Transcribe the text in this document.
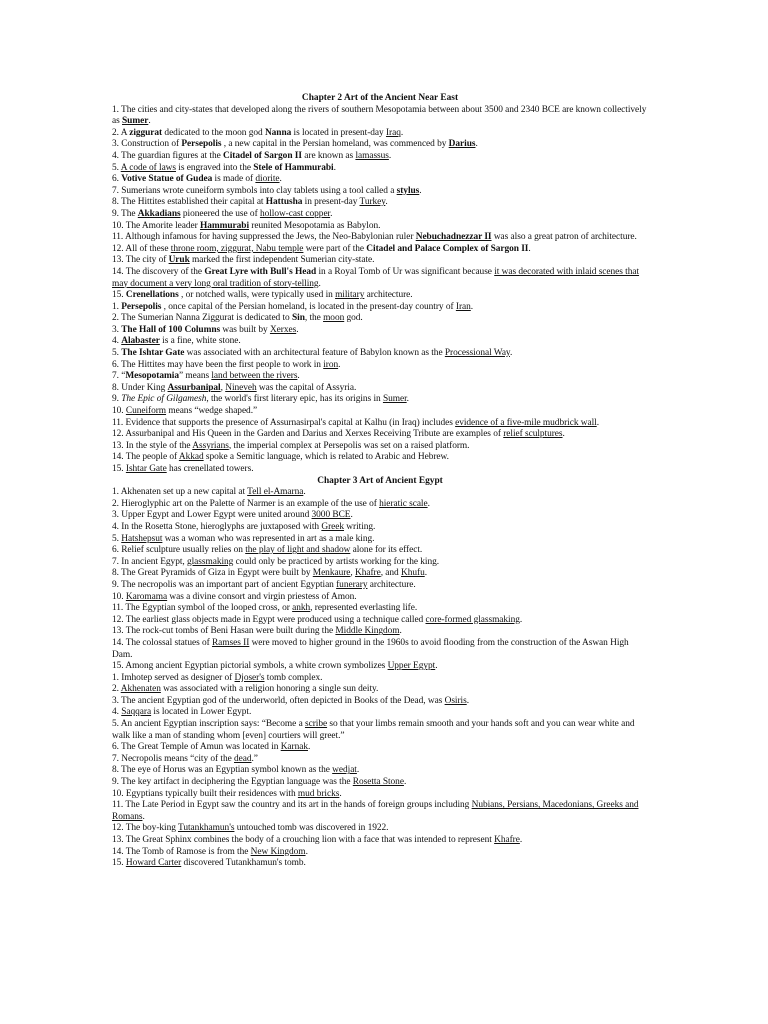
Chapter 2 Art of the Ancient Near East

1. The cities and city-states that developed along the rivers of southern Mesopotamia between about 3500 and 2340 BCE are known collectively as Sumer.

2. A ziggurat dedicated to the moon god Nanna is located in present-day Iraq.

3. Construction of Persepolis , a new capital in the Persian homeland, was commenced by Darius.

4. The guardian figures at the Citadel of Sargon II are known as lamassus.

5. A code of laws is engraved into the Stele of Hammurabi.

6. Votive Statue of Gudea is made of diorite.

7. Sumerians wrote cuneiform symbols into clay tablets using a tool called a stylus.

8. The Hittites established their capital at Hattusha in present-day Turkey.

9. The Akkadians pioneered the use of hollow-cast copper.

10. The Amorite leader Hammurabi reunited Mesopotamia as Babylon.

11. Although infamous for having suppressed the Jews, the Neo-Babylonian ruler Nebuchadnezzar II was also a great patron of architecture.

12. All of these throne room, ziggurat, Nabu temple were part of the Citadel and Palace Complex of Sargon II.

13. The city of Uruk marked the first independent Sumerian city-state.

14. The discovery of the Great Lyre with Bull's Head in a Royal Tomb of Ur was significant because it was decorated with inlaid scenes that may document a very long oral tradition of story-telling.

15. Crenellations , or notched walls, were typically used in military architecture.

1. Persepolis , once capital of the Persian homeland, is located in the present-day country of Iran.

2. The Sumerian Nanna Ziggurat is dedicated to Sin, the moon god.

3. The Hall of 100 Columns was built by Xerxes.

4. Alabaster is a fine, white stone.

5. The Ishtar Gate was associated with an architectural feature of Babylon known as the Processional Way.

6. The Hittites may have been the first people to work in iron.

7. “Mesopotamia” means land between the rivers.

8. Under King Assurbanipal, Nineveh was the capital of Assyria.

9. The Epic of Gilgamesh, the world's first literary epic, has its origins in Sumer.

10. Cuneiform means “wedge shaped.”

11. Evidence that supports the presence of Assurnasirpal's capital at Kalhu (in Iraq) includes evidence of a five-mile mudbrick wall.

12. Assurbanipal and His Queen in the Garden and Darius and Xerxes Receiving Tribute are examples of relief sculptures.

13. In the style of the Assyrians, the imperial complex at Persepolis was set on a raised platform.

14. The people of Akkad spoke a Semitic language, which is related to Arabic and Hebrew.

15. Ishtar Gate has crenellated towers.

Chapter 3 Art of Ancient Egypt

1. Akhenaten set up a new capital at Tell el-Amarna.

2. Hieroglyphic art on the Palette of Narmer is an example of the use of hieratic scale.

3. Upper Egypt and Lower Egypt were united around 3000 BCE.

4. In the Rosetta Stone, hieroglyphs are juxtaposed with Greek writing.

5. Hatshepsut was a woman who was represented in art as a male king.

6. Relief sculpture usually relies on the play of light and shadow alone for its effect.

7. In ancient Egypt, glassmaking could only be practiced by artists working for the king.

8. The Great Pyramids of Giza in Egypt were built by Menkaure, Khafre, and Khufu.

9. The necropolis was an important part of ancient Egyptian funerary architecture.

10. Karomama was a divine consort and virgin priestess of Amon.

11. The Egyptian symbol of the looped cross, or ankh, represented everlasting life.

12. The earliest glass objects made in Egypt were produced using a technique called core-formed glassmaking.

13. The rock-cut tombs of Beni Hasan were built during the Middle Kingdom.

14. The colossal statues of Ramses II were moved to higher ground in the 1960s to avoid flooding from the construction of the Aswan High Dam.

15. Among ancient Egyptian pictorial symbols, a white crown symbolizes Upper Egypt.

1. Imhotep served as designer of Djoser's tomb complex.

2. Akhenaten was associated with a religion honoring a single sun deity.

3. The ancient Egyptian god of the underworld, often depicted in Books of the Dead, was Osiris.

4. Saqqara is located in Lower Egypt.

5. An ancient Egyptian inscription says: “Become a scribe so that your limbs remain smooth and your hands soft and you can wear white and walk like a man of standing whom [even] courtiers will greet.”

6. The Great Temple of Amun was located in Karnak.

7. Necropolis means “city of the dead.”

8. The eye of Horus was an Egyptian symbol known as the wedjat.

9. The key artifact in deciphering the Egyptian language was the Rosetta Stone.

10. Egyptians typically built their residences with mud bricks.

11. The Late Period in Egypt saw the country and its art in the hands of foreign groups including Nubians, Persians, Macedonians, Greeks and Romans.

12. The boy-king Tutankhamun's untouched tomb was discovered in 1922.

13. The Great Sphinx combines the body of a crouching lion with a face that was intended to represent Khafre.

14. The Tomb of Ramose is from the New Kingdom.

15. Howard Carter discovered Tutankhamun's tomb.
